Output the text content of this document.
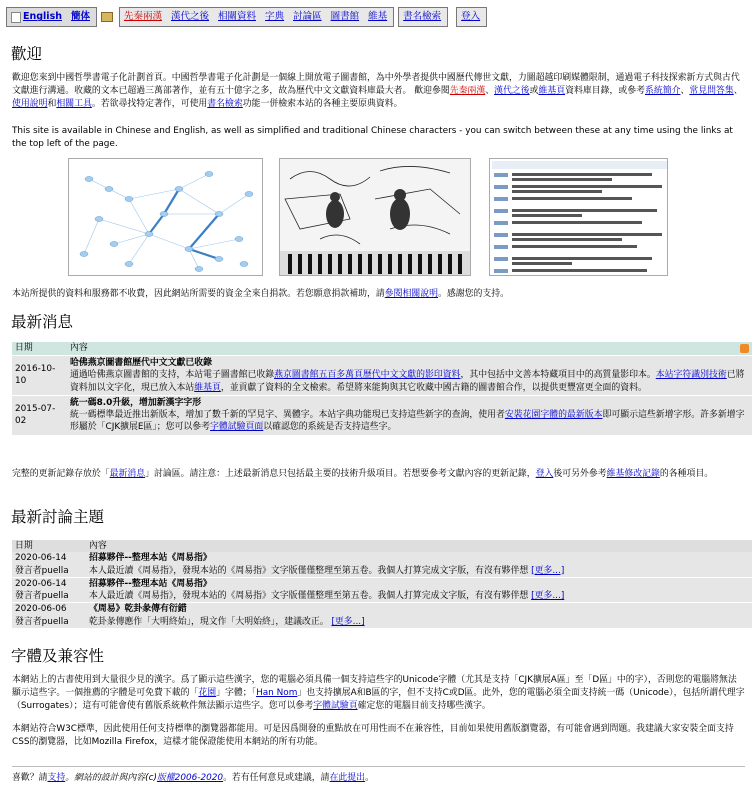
English 簡体	先秦兩漢 漢代之後 相關資料 字典 討論區 圖書館 維基 書名檢索 登入
歡迎

歡迎您來到中國哲學書電子化計劃首頁。中國哲學書電子化計劃是一個線上開放電子圖書館，為中外學者提供中國歷代傳世文獻，力圖超越印刷媒體限制，通過電子科技探索新方式與古代文獻進行溝通。收藏的文本已超過三萬部著作，並有五十億字之多，故為歷代中文文獻資料庫最大者。 歡迎參閱先秦兩漢、漢代之後或維基頁資料庫目錄，或參考系統簡介、常見問答集、使用說明和相關工具。若欲尋找特定著作，可使用書名檢索功能一併檢索本站的各種主要原典資料。

This site is available in Chinese and English, as well as simplified and traditional Chinese characters - you can switch between these at any time using the links at the top left of the page.

本站所提供的資料和服務都不收費，因此網站所需要的資金全來自捐款。若您願意捐款補助，請參閱相關說明。感謝您的支持。

最新消息
日期	內容

2016-10-10	哈佛燕京圖書館歷代中文文獻已收錄
通過哈佛燕京圖書館的支持，本站電子圖書館已收錄燕京圖書館五百多萬頁歷代中文文獻的影印資料，其中包括中文善本特藏項目中的高質量影印本。本站字符識別技術已將資料加以文字化，現已放入本站維基頁，並貢獻了資料的全文檢索。希望將來能夠與其它收藏中國古籍的圖書館合作，以提供更豐富更全面的資料。
2015-07-02	統一碼8.0升級，增加新漢字字形
統一碼標準最近推出新版本，增加了數千新的罕見字、異體字。本站字典功能現已支持這些新字的查詢，使用者安裝花園字體的最新版本即可顯示這些新增字形。許多新增字形屬於「CJK擴展E區」；您可以參考字體試驗頁面以確認您的系統是否支持這些字。

完整的更新記錄存放於「最新消息」討論區。請注意：上述最新消息只包括最主要的技術升級項目。若想要參考文獻內容的更新記錄，登入後可另外參考維基修改記錄的各種項目。

最新討論主題
日期	內容
2020-06-14	招募夥伴--整理本站《周易指》
發言者puella	本人最近讀《周易指》，發現本站的《周易指》文字版僅僅整理至第五卷。我個人打算完成文字版，有沒有夥伴想 [更多...]
2020-06-14	招募夥伴--整理本站《周易指》
發言者puella	本人最近讀《周易指》，發現本站的《周易指》文字版僅僅整理至第五卷。我個人打算完成文字版，有沒有夥伴想 [更多...]
2020-06-06	《周易》乾卦彖傳有衍錯
發言者puella	乾卦彖傳應作「大明終始」，現文作「大明始終」，建議改正。 [更多...]
字體及兼容性

本網站上的古書使用到大量很少見的漢字。爲了顯示這些漢字，您的電腦必須具備一個支持這些字的Unicode字體（尤其是支持「CJK擴展A區」至「D區」中的字），否則您的電腦將無法顯示這些字。一個推薦的字體是可免費下載的「花園」字體；「Han Nom」也支持擴展A和B區的字，但不支持C或D區。此外，您的電腦必須全面支持統一碼（Unicode），包括所謂代理字（Surrogates）；這有可能會使有舊版系統軟件無法顯示這些字。您可以參考字體試驗頁確定您的電腦目前支持哪些漢字。

本網站符合W3C標準，因此使用任何支持標準的瀏覽器都能用。可是因爲開發的重點放在可用性而不在兼容性，目前如果使用舊版瀏覽器，有可能會遇到問題。我建議大家安裝全面支持CSS的瀏覽器，比如Mozilla Firefox，這樣才能保證能使用本網站的所有功能。

喜歡？請支持。網站的設計與內容(c)版權2006-2020。若有任何意見或建議，請在此提出。
